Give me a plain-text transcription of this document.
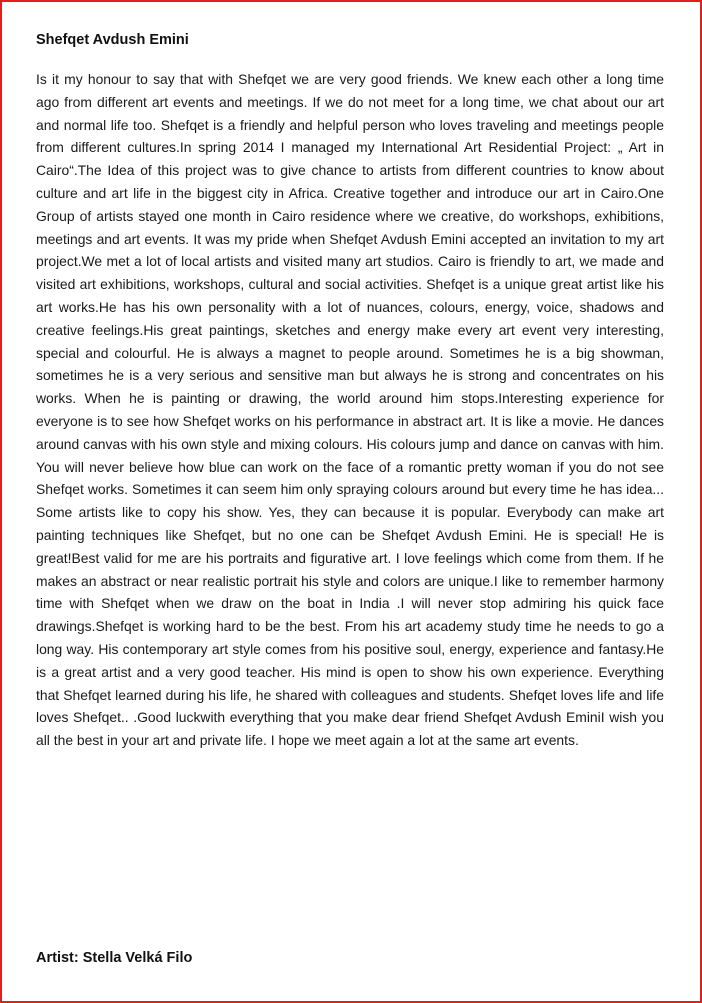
Shefqet Avdush Emini

Is it my honour to say that with Shefqet we are very good friends. We knew each other a long time ago from different art events and meetings. If we do not meet for a long time, we chat about our art and normal life too. Shefqet is a friendly and helpful person who loves traveling and meetings people from different cultures.In spring 2014 I managed my International Art Residential Project: „ Art in Cairo“.The Idea of this project was to give chance to artists from different countries to know about culture and art life in the biggest city in Africa. Creative together and introduce our art in Cairo.One Group of artists stayed one month in Cairo residence where we creative, do workshops, exhibitions, meetings and art events. It was my pride when Shefqet Avdush Emini accepted an invitation to my art project.We met a lot of local artists and visited many art studios. Cairo is friendly to art, we made and visited art exhibitions, workshops, cultural and social activities. Shefqet is a unique great artist like his art works.He has his own personality with a lot of nuances, colours, energy, voice, shadows and creative feelings.His great paintings, sketches and energy make every art event very interesting, special and colourful. He is always a magnet to people around. Sometimes he is a big showman, sometimes he is a very serious and sensitive man but always he is strong and concentrates on his works. When he is painting or drawing, the world around him stops.Interesting experience for everyone is to see how Shefqet works on his performance in abstract art. It is like a movie. He dances around canvas with his own style and mixing colours. His colours jump and dance on canvas with him. You will never believe how blue can work on the face of a romantic pretty woman if you do not see Shefqet works. Sometimes it can seem him only spraying colours around but every time he has idea... Some artists like to copy his show. Yes, they can because it is popular. Everybody can make art painting techniques like Shefqet, but no one can be Shefqet Avdush Emini. He is special! He is great!Best valid for me are his portraits and figurative art. I love feelings which come from them. If he makes an abstract or near realistic portrait his style and colors are unique.I like to remember harmony time with Shefqet when we draw on the boat in India .I will never stop admiring his quick face drawings.Shefqet is working hard to be the best. From his art academy study time he needs to go a long way. His contemporary art style comes from his positive soul, energy, experience and fantasy.He is a great artist and a very good teacher. His mind is open to show his own experience. Everything that Shefqet learned during his life, he shared with colleagues and students. Shefqet loves life and life loves Shefqet.. .Good luckwith everything that you make dear friend Shefqet Avdush EminiI wish you all the best in your art and private life. I hope we meet again a lot at the same art events.

Artist: Stella Velká Filo
